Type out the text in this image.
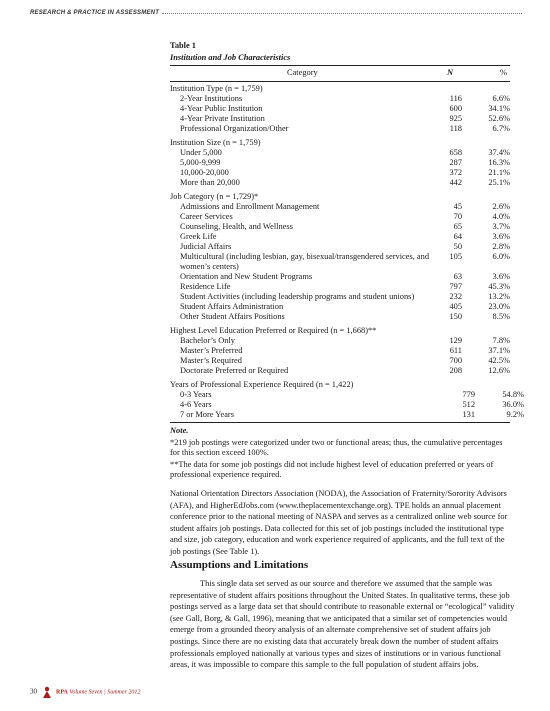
RESEARCH & PRACTICE IN ASSESSMENT
Table 1
Institution and Job Characteristics
Category	N	%
Institution Type (n = 1,759)
2-Year Institutions	116	6.6%
4-Year Public Institution	600	34.1%
4-Year Private Institution	925	52.6%
Professional Organization/Other	118	6.7%
Institution Size (n = 1,759)
Under 5,000	658	37.4%
5,000-9,999	287	16.3%
10,000-20,000	372	21.1%
More than 20,000	442	25.1%
Job Category (n = 1,729)*
Admissions and Enrollment Management	45	2.6%
Career Services	70	4.0%
Counseling, Health, and Wellness	65	3.7%
Greek Life	64	3.6%
Judicial Affairs	50	2.8%
Multicultural (including lesbian, gay, bisexual/transgendered services, and women’s centers)
105	6.0%
Orientation and New Student Programs	63	3.6%
Residence Life	797	45.3%
Student Activities (including leadership programs and student unions)	232	13.2%
Student Affairs Administration	405	23.0%
Other Student Affairs Positions	150	8.5%
Highest Level Education Preferred or Required (n = 1,668)**
Bachelor’s Only	129	7.8%
Master’s Preferred	611	37.1%
Master’s Required	700	42.5%
Doctorate Preferred or Required	208	12.6%
Years of Professional Experience Required (n = 1,422)
0-3 Years	779	54.8%
4-6 Years	512	36.0%
7 or More Years	131	9.2%
Note.
*219 job postings were categorized under two or functional areas; thus, the cumulative percentages for this section exceed 100%.
**The data for some job postings did not include highest level of education preferred or years of professional experience required.
National Orientation Directors Association (NODA), the Association of Fraternity/Sorority Advisors (AFA), and HigherEdJobs.com (www.theplacementexchange.org). TPE holds an annual placement conference prior to the national meeting of NASPA and serves as a centralized online web source for student affairs job postings. Data collected for this set of job postings included the institutional type and size, job category, education and work experience required of applicants, and the full text of the job postings (See Table 1).
Assumptions and Limitations
This single data set served as our source and therefore we assumed that the sample was representative of student affairs positions throughout the United States. In qualitative terms, these job postings served as a large data set that should contribute to reasonable external or “ecological” validity (see Gall, Borg, & Gall, 1996), meaning that we anticipated that a similar set of competencies would emerge from a grounded theory analysis of an alternate comprehensive set of student affairs job postings. Since there are no existing data that accurately break down the number of student affairs professionals employed nationally at various types and sizes of institutions or in various functional areas, it was impossible to compare this sample to the full population of student affairs jobs.
30	RPA Volume Seven | Summer 2012
